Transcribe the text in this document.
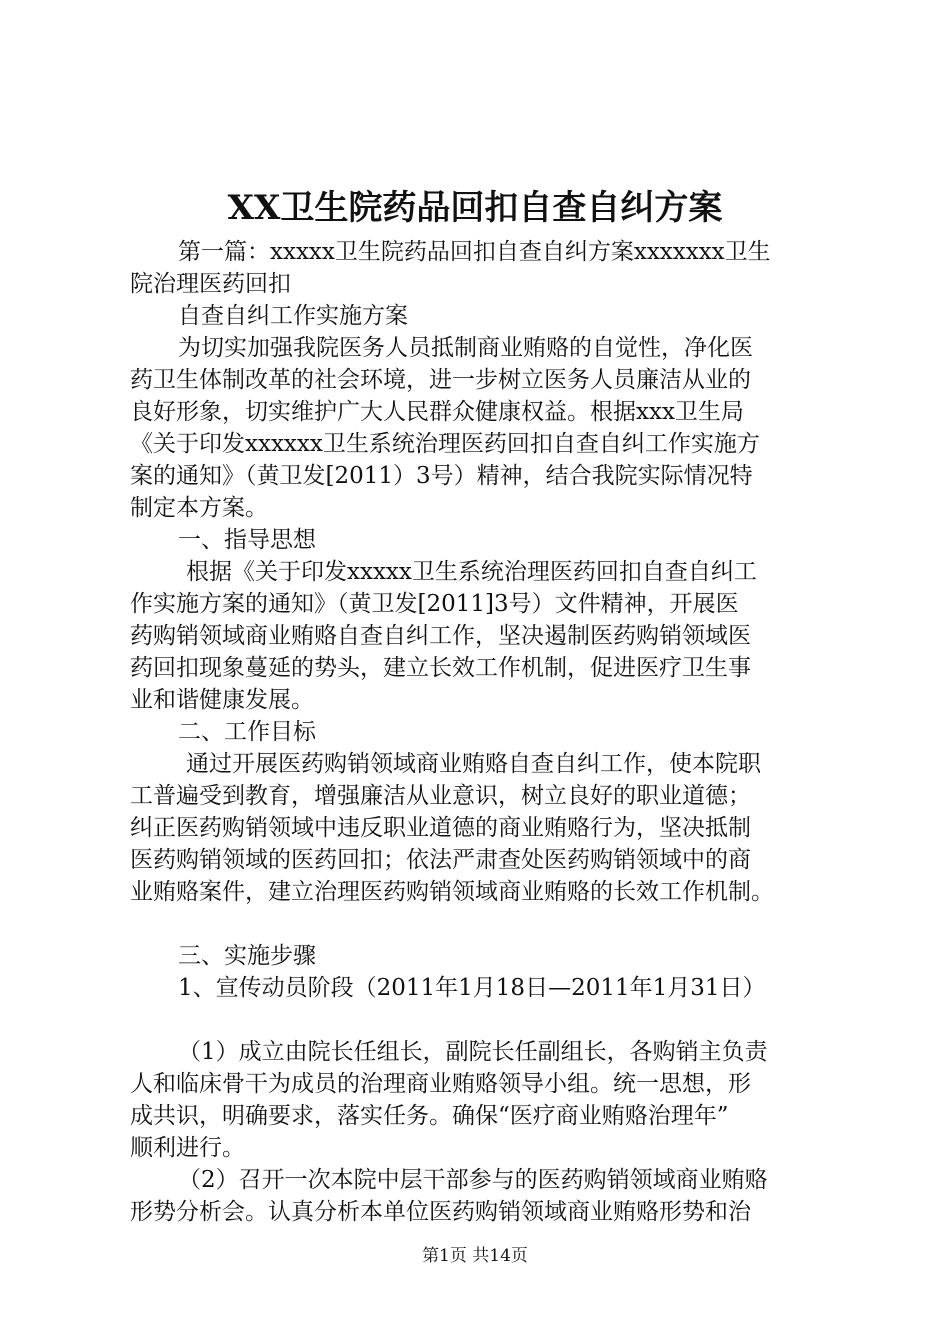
XX卫生院药品回扣自查自纠方案
第一篇：xxxxx卫生院药品回扣自查自纠方案xxxxxxx卫生
院治理医药回扣
自查自纠工作实施方案
为切实加强我院医务人员抵制商业贿赂的自觉性，净化医
药卫生体制改革的社会环境，进一步树立医务人员廉洁从业的
良好形象，切实维护广大人民群众健康权益。根据xxx卫生局
《关于印发xxxxxx卫生系统治理医药回扣自查自纠工作实施方
案的通知》（黄卫发[2011）3号）精神，结合我院实际情况特
制定本方案。
一、指导思想
根据《关于印发xxxxx卫生系统治理医药回扣自查自纠工
作实施方案的通知》（黄卫发[2011]3号）文件精神，开展医
药购销领域商业贿赂自查自纠工作，坚决遏制医药购销领域医
药回扣现象蔓延的势头，建立长效工作机制，促进医疗卫生事
业和谐健康发展。
二、工作目标
通过开展医药购销领域商业贿赂自查自纠工作，使本院职
工普遍受到教育，增强廉洁从业意识，树立良好的职业道德；
纠正医药购销领域中违反职业道德的商业贿赂行为，坚决抵制
医药购销领域的医药回扣；依法严肃查处医药购销领域中的商
业贿赂案件，建立治理医药购销领域商业贿赂的长效工作机制。
三、实施步骤
1、宣传动员阶段（2011年1月18日—2011年1月31日）
（1）成立由院长任组长，副院长任副组长，各购销主负责
人和临床骨干为成员的治理商业贿赂领导小组。统一思想，形
成共识，明确要求，落实任务。确保“医疗商业贿赂治理年”
顺利进行。
（2）召开一次本院中层干部参与的医药购销领域商业贿赂
形势分析会。认真分析本单位医药购销领域商业贿赂形势和治
第1页 共14页
